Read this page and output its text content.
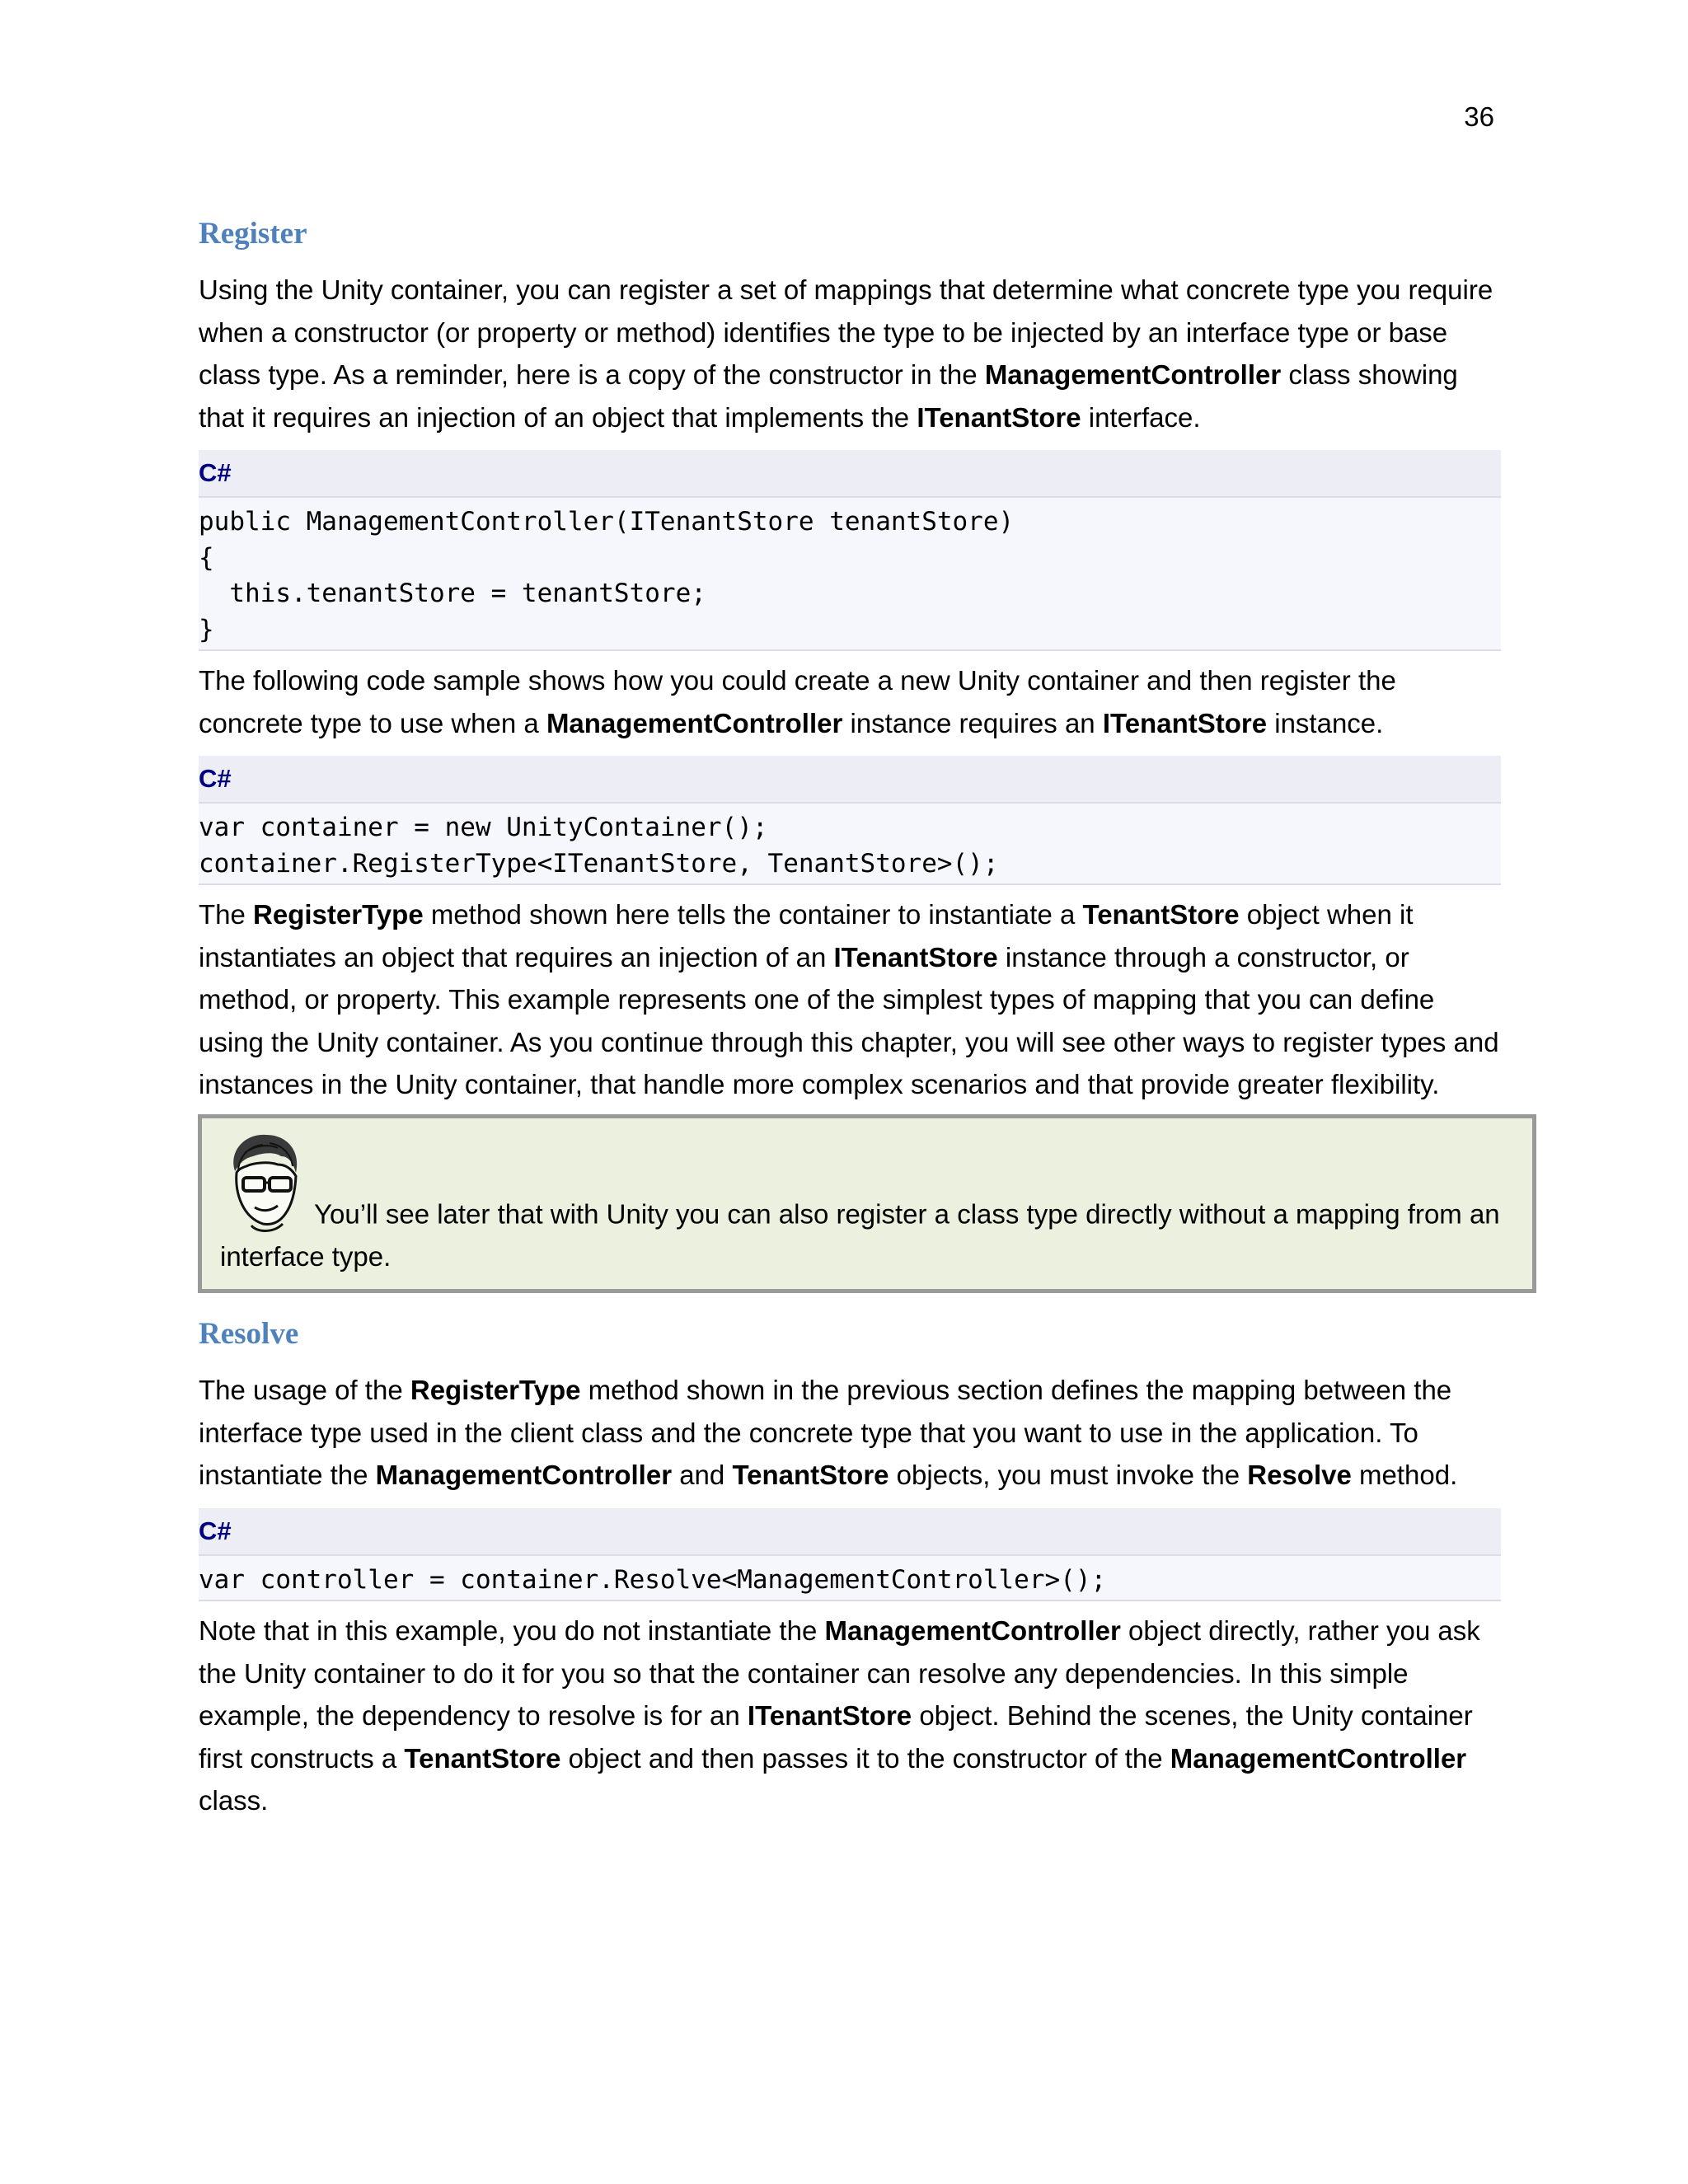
36
Register

Using the Unity container, you can register a set of mappings that determine what concrete type you require when a constructor (or property or method) identifies the type to be injected by an interface type or base class type. As a reminder, here is a copy of the constructor in the ManagementController class showing that it requires an injection of an object that implements the ITenantStore interface.

C#
public ManagementController(ITenantStore tenantStore)
{
this.tenantStore = tenantStore;
}

The following code sample shows how you could create a new Unity container and then register the concrete type to use when a ManagementController instance requires an ITenantStore instance.

C#
var container = new UnityContainer();
container.RegisterType<ITenantStore, TenantStore>();

The RegisterType method shown here tells the container to instantiate a TenantStore object when it instantiates an object that requires an injection of an ITenantStore instance through a constructor, or method, or property. This example represents one of the simplest types of mapping that you can define using the Unity container. As you continue through this chapter, you will see other ways to register types and instances in the Unity container, that handle more complex scenarios and that provide greater flexibility.

You’ll see later that with Unity you can also register a class type directly without a mapping from an interface type.
Resolve

The usage of the RegisterType method shown in the previous section defines the mapping between the interface type used in the client class and the concrete type that you want to use in the application. To instantiate the ManagementController and TenantStore objects, you must invoke the Resolve method.

C#
var controller = container.Resolve<ManagementController>();

Note that in this example, you do not instantiate the ManagementController object directly, rather you ask the Unity container to do it for you so that the container can resolve any dependencies. In this simple example, the dependency to resolve is for an ITenantStore object. Behind the scenes, the Unity container first constructs a TenantStore object and then passes it to the constructor of the ManagementController class.
